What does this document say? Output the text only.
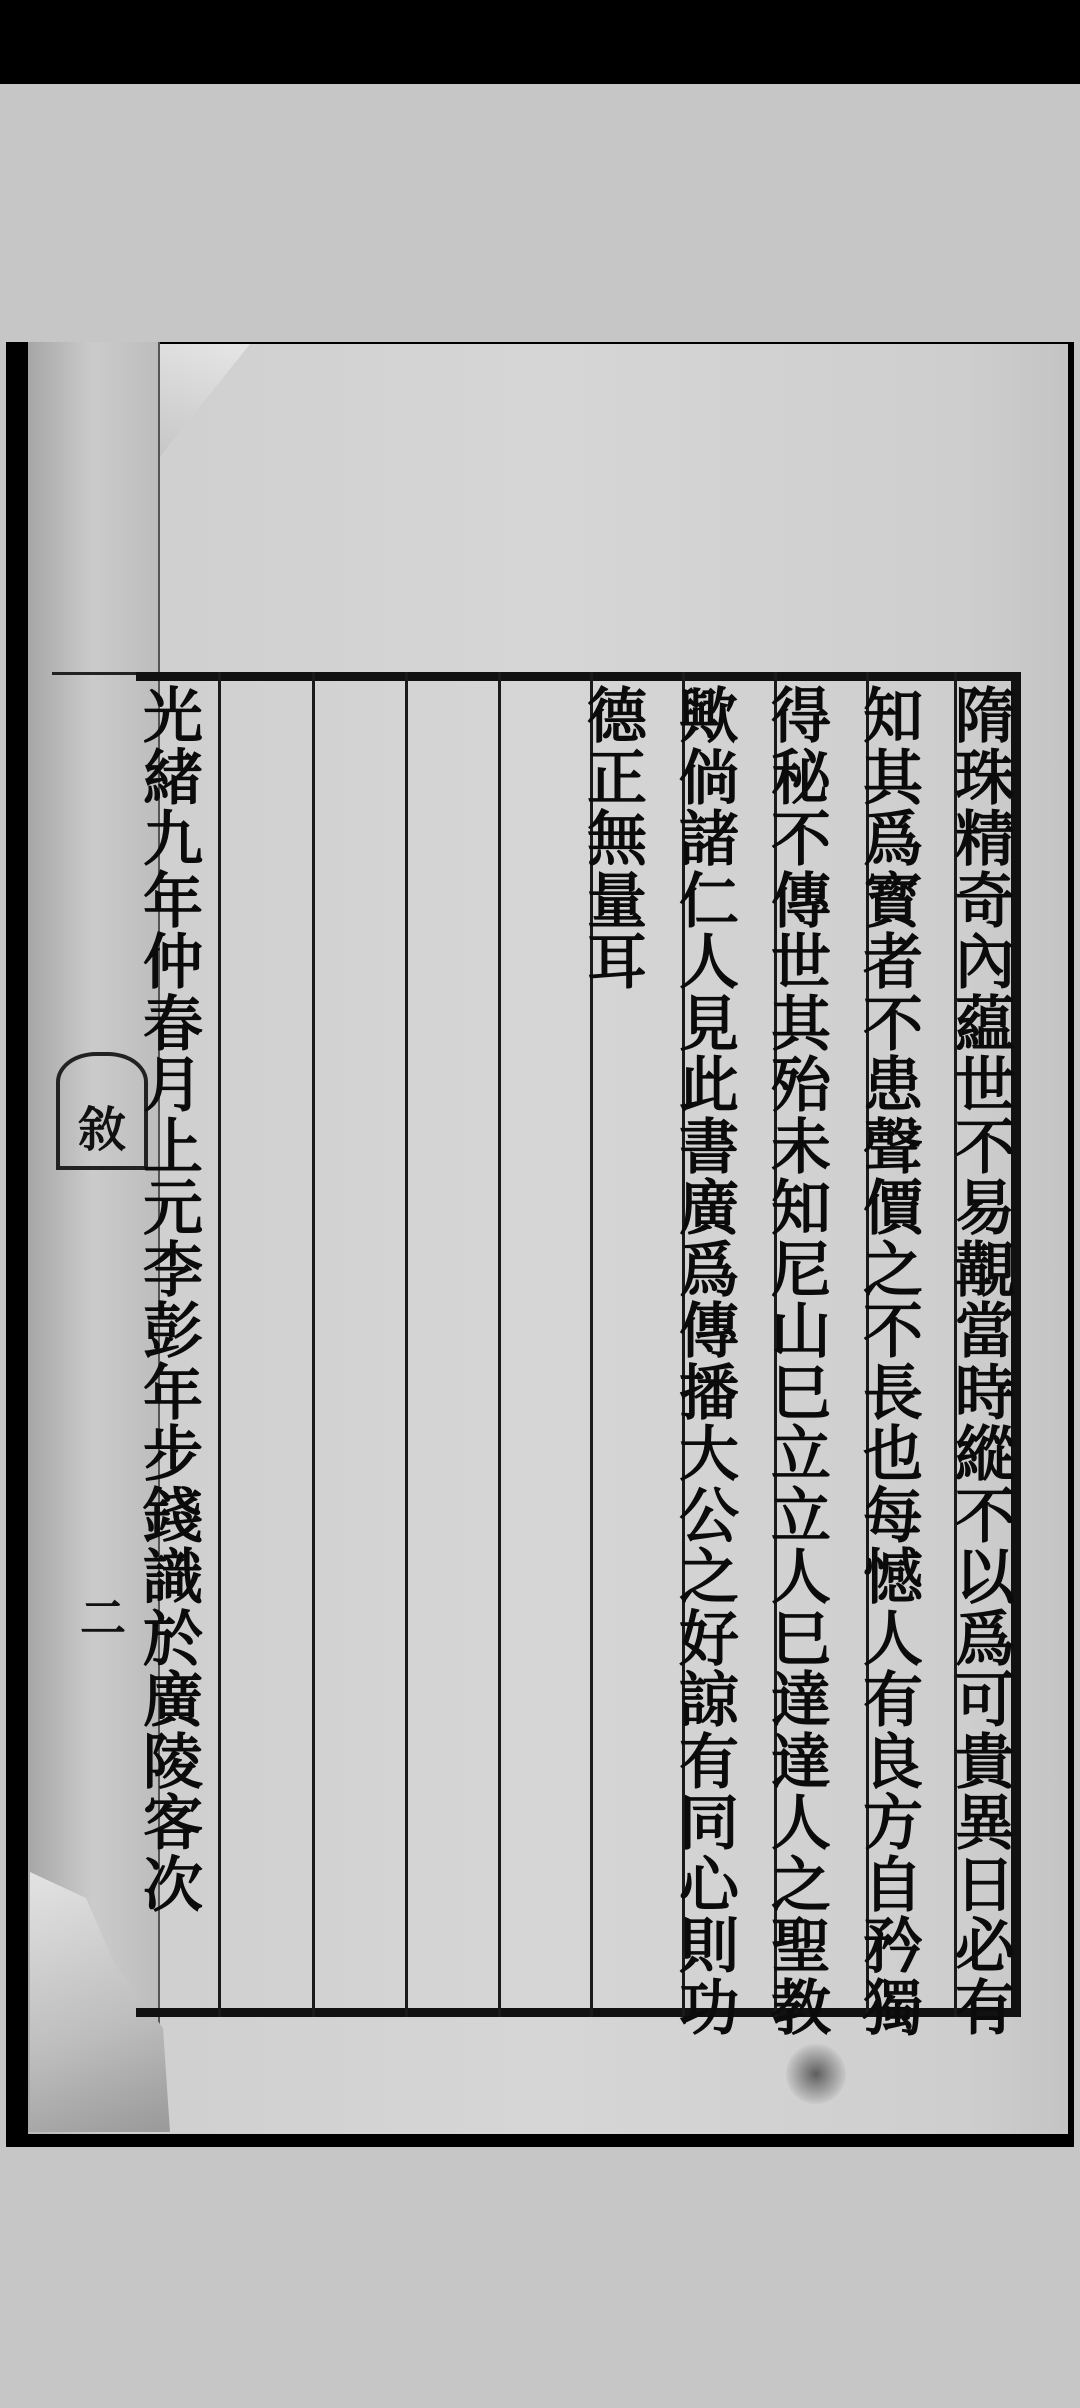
敘
二
隋
珠
精
奇
內
藴
世
不
易
覯
當
時
縱
不
以
爲
可
貴
異
日
必
有
知
其
爲
寳
者
不
患
聲
價
之
不
長
也
每
憾
人
有
良
方
自
矜
獨
得
秘
不
傳
世
其
殆
未
知
尼
山
巳
立
立
人
巳
達
達
人
之
聖
教
歟
倘
諸
仁
人
見
此
書
廣
爲
傳
播
大
公
之
好
諒
有
同
心
則
功
德
正
無
量
耳
光
緒
九
年
仲
春
月
上
元
李
彭
年
步
錢
識
於
廣
陵
客
次
